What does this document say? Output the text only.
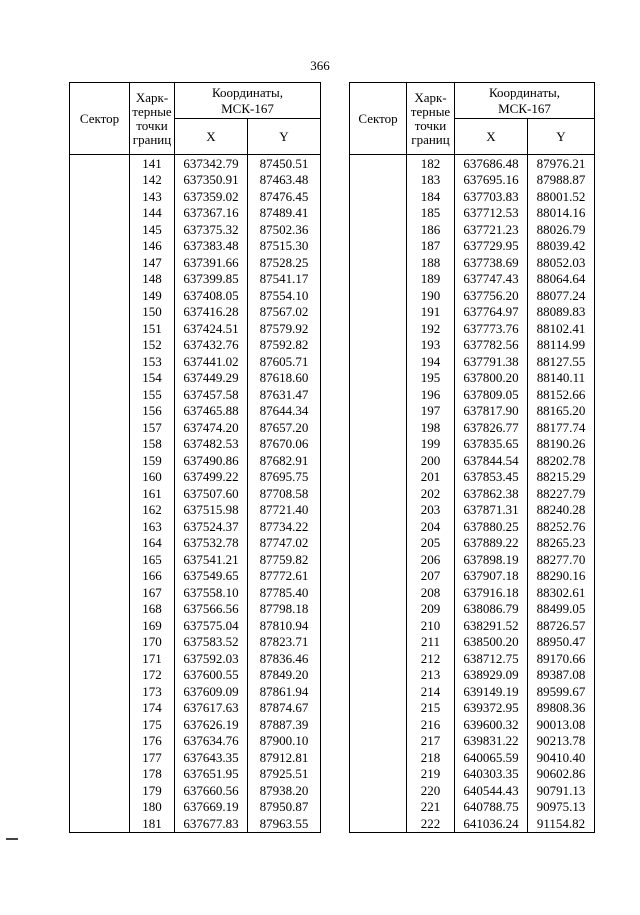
366
Сектор	Харк-
терные
точки
границ	Координаты,
МСК-167	
		X	Y
	141	637342.79	87450.51
	142	637350.91	87463.48
	143	637359.02	87476.45
	144	637367.16	87489.41
	145	637375.32	87502.36
	146	637383.48	87515.30
	147	637391.66	87528.25
	148	637399.85	87541.17
	149	637408.05	87554.10
	150	637416.28	87567.02
	151	637424.51	87579.92
	152	637432.76	87592.82
	153	637441.02	87605.71
	154	637449.29	87618.60
	155	637457.58	87631.47
	156	637465.88	87644.34
	157	637474.20	87657.20
	158	637482.53	87670.06
	159	637490.86	87682.91
	160	637499.22	87695.75
	161	637507.60	87708.58
	162	637515.98	87721.40
	163	637524.37	87734.22
	164	637532.78	87747.02
	165	637541.21	87759.82
	166	637549.65	87772.61
	167	637558.10	87785.40
	168	637566.56	87798.18
	169	637575.04	87810.94
	170	637583.52	87823.71
	171	637592.03	87836.46
	172	637600.55	87849.20
	173	637609.09	87861.94
	174	637617.63	87874.67
	175	637626.19	87887.39
	176	637634.76	87900.10
	177	637643.35	87912.81
	178	637651.95	87925.51
	179	637660.56	87938.20
	180	637669.19	87950.87
	181	637677.83	87963.55
Сектор	Харк-
терные
точки
границ	Координаты,
МСК-167	
		X	Y
	182	637686.48	87976.21
	183	637695.16	87988.87
	184	637703.83	88001.52
	185	637712.53	88014.16
	186	637721.23	88026.79
	187	637729.95	88039.42
	188	637738.69	88052.03
	189	637747.43	88064.64
	190	637756.20	88077.24
	191	637764.97	88089.83
	192	637773.76	88102.41
	193	637782.56	88114.99
	194	637791.38	88127.55
	195	637800.20	88140.11
	196	637809.05	88152.66
	197	637817.90	88165.20
	198	637826.77	88177.74
	199	637835.65	88190.26
	200	637844.54	88202.78
	201	637853.45	88215.29
	202	637862.38	88227.79
	203	637871.31	88240.28
	204	637880.25	88252.76
	205	637889.22	88265.23
	206	637898.19	88277.70
	207	637907.18	88290.16
	208	637916.18	88302.61
	209	638086.79	88499.05
	210	638291.52	88726.57
	211	638500.20	88950.47
	212	638712.75	89170.66
	213	638929.09	89387.08
	214	639149.19	89599.67
	215	639372.95	89808.36
	216	639600.32	90013.08
	217	639831.22	90213.78
	218	640065.59	90410.40
	219	640303.35	90602.86
	220	640544.43	90791.13
	221	640788.75	90975.13
	222	641036.24	91154.82
